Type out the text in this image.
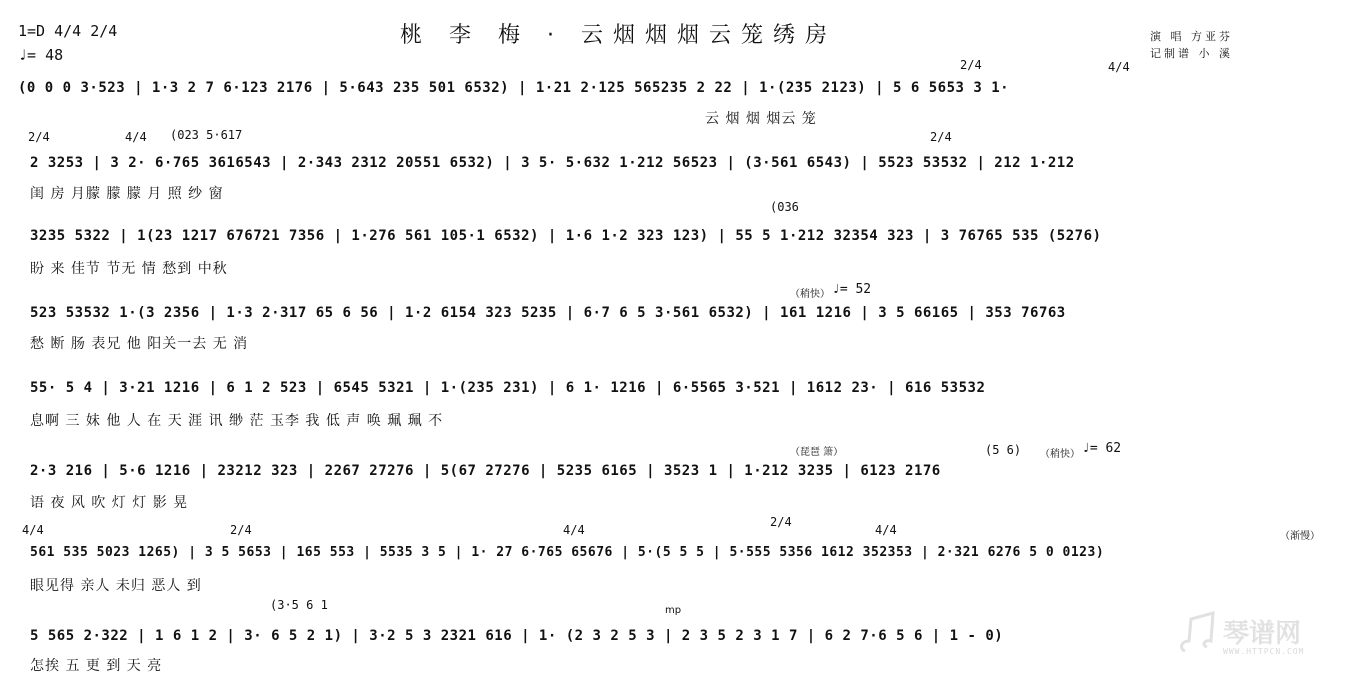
1=D 4/4 2/4
♩= 48
桃 李 梅 · 云烟烟烟云笼绣房	演 唱 方亚芬
记制谱 小 溪
2/4	4/4
(0 0 0 3·523 | 1·3 2 7 6·123 2176 | 5·643 235 501 6532) | 1·21 2·125 565235 2 22 | 1·(235 2123) | 5 6 5653 3 1·
云 烟 烟 烟云 笼
2/4	4/4 (023 5·617	2/4
2 3253 | 3 2· 6·765 3616543 | 2·343 2312 20551 6532) | 3 5· 5·632 1·212 56523 | (3·561 6543) | 5523 53532 | 212 1·212
闺 房 月朦 朦 朦 月 照 纱 窗
(036
3235 5322 | 1(23 1217 676721 7356 | 1·276 561 105·1 6532) | 1·6 1·2 323 123) | 55 5 1·212 32354 323 | 3 76765 535 (5276)
盼 来 佳节 节无 情 愁到 中秋
（稍快） ♩= 52
523 53532 1·(3 2356 | 1·3 2·317 65 6 56 | 1·2 6154 323 5235 | 6·7 6 5 3·561 6532) | 161 1216 | 3 5 66165 | 353 76763
愁 断 肠 表兄 他 阳关一去 无 消
55· 5 4 | 3·21 1216 | 6 1 2 523 | 6545 5321 | 1·(235 231) | 6 1· 1216 | 6·5565 3·521 | 1612 23· | 616 53532
息啊 三 妹 他 人 在 天 涯 讯 缈 茫 玉李 我 低 声 唤 珮 珮 不
（琵琶 箫）	(5 6) （稍快） ♩= 62
2·3 216 | 5·6 1216 | 23212 323 | 2267 27276 | 5(67 27276 | 5235 6165 | 3523 1 | 1·212 3235 | 6123 2176
语 夜 风 吹 灯 灯 影 晃
4/4	2/4	4/4
2/4
4/4	（渐慢）
561 535 5023 1265) | 3 5 5653 | 165 553 | 5535 3 5 | 1· 27 6·765 65676 | 5·(5 5 5 | 5·555 5356 1612 352353 | 2·321 6276 5 0 0123)
眼见得 亲人 未归 恶人 到
(3·5 6 1	mp
5 565 2·322 | 1 6 1 2 | 3· 6 5 2 1) | 3·2 5 3 2321 616 | 1· (2 3 2 5 3 | 2 3 5 2 3 1 7 | 6 2 7·6 5 6 | 1 - 0)
怎挨 五 更 到 天 亮
琴谱网
WWW.HTTPCN.COM
